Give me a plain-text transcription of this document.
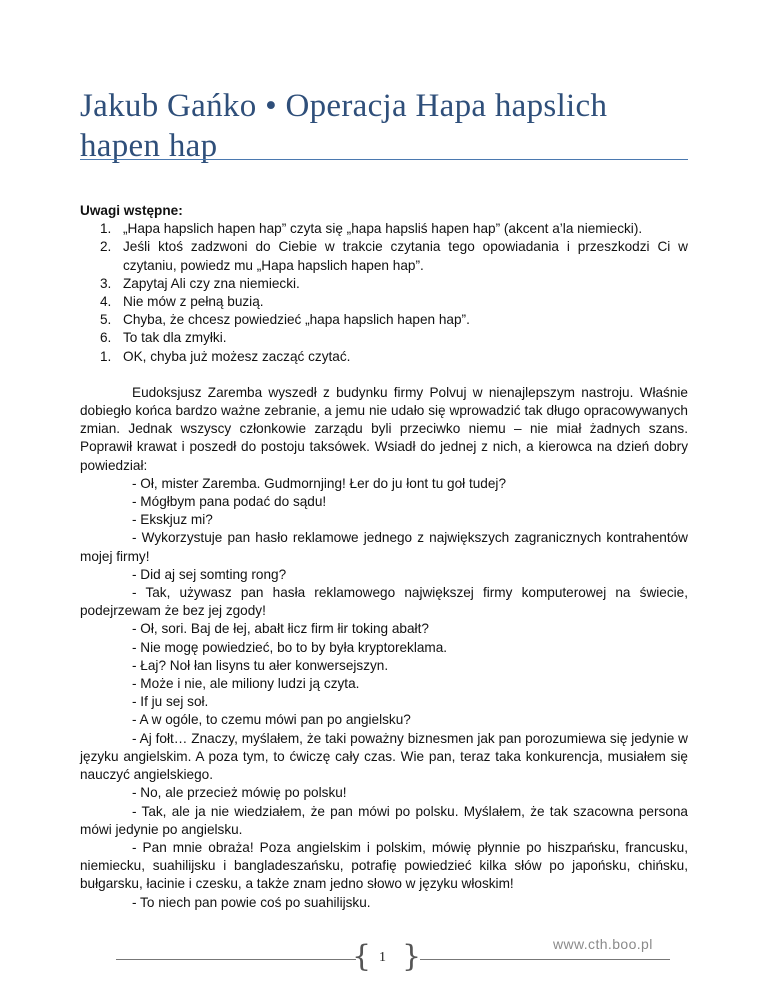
Jakub Gańko • Operacja Hapa hapslich hapen hap

Uwagi wstępne:

1. „Hapa hapslich hapen hap” czyta się „hapa hapsliś hapen hap” (akcent a’la niemiecki).
2. Jeśli ktoś zadzwoni do Ciebie w trakcie czytania tego opowiadania i przeszkodzi Ci w czytaniu, powiedz mu „Hapa hapslich hapen hap”.
3. Zapytaj Ali czy zna niemiecki.
4. Nie mów z pełną buzią.
5. Chyba, że chcesz powiedzieć „hapa hapslich hapen hap”.
6. To tak dla zmyłki.
1. OK, chyba już możesz zacząć czytać.

Eudoksjusz Zaremba wyszedł z budynku firmy Polvuj w nienajlepszym nastroju. Właśnie dobiegło końca bardzo ważne zebranie, a jemu nie udało się wprowadzić tak długo opracowywanych zmian. Jednak wszyscy członkowie zarządu byli przeciwko niemu – nie miał żadnych szans. Poprawił krawat i poszedł do postoju taksówek. Wsiadł do jednej z nich, a kierowca na dzień dobry powiedział:

- Oł, mister Zaremba. Gudmornjing! Łer do ju łont tu goł tudej?

- Mógłbym pana podać do sądu!

- Ekskjuz mi?

- Wykorzystuje pan hasło reklamowe jednego z największych zagranicznych kontrahentów mojej firmy!

- Did aj sej somting rong?

- Tak, używasz pan hasła reklamowego największej firmy komputerowej na świecie, podejrzewam że bez jej zgody!

- Oł, sori. Baj de łej, abałt łicz firm łir toking abałt?

- Nie mogę powiedzieć, bo to by była kryptoreklama.

- Łaj? Noł łan lisyns tu ałer konwersejszyn.

- Może i nie, ale miliony ludzi ją czyta.

- If ju sej soł.

- A w ogóle, to czemu mówi pan po angielsku?

- Aj fołt… Znaczy, myślałem, że taki poważny biznesmen jak pan porozumiewa się jedynie w języku angielskim. A poza tym, to ćwiczę cały czas. Wie pan, teraz taka konkurencja, musiałem się nauczyć angielskiego.

- No, ale przecież mówię po polsku!

- Tak, ale ja nie wiedziałem, że pan mówi po polsku. Myślałem, że tak szacowna persona mówi jedynie po angielsku.

- Pan mnie obraża! Poza angielskim i polskim, mówię płynnie po hiszpańsku, francusku, niemiecku, suahilijsku i bangladeszańsku, potrafię powiedzieć kilka słów po japońsku, chińsku, bułgarsku, łacinie i czesku, a także znam jedno słowo w języku włoskim!

- To niech pan powie coś po suahilijsku.

{ }
1
www.cth.boo.pl
